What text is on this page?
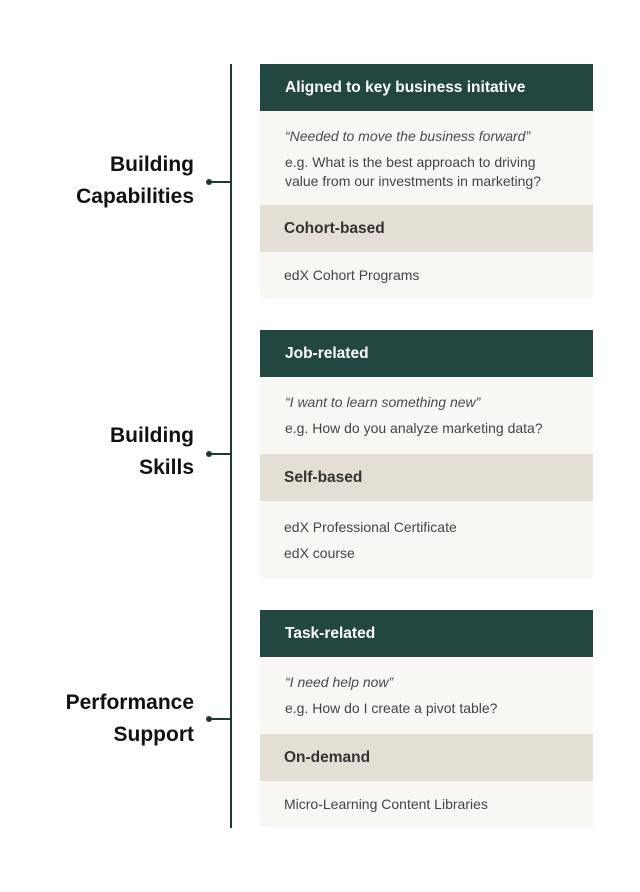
Building
Capabilities
Aligned to key business initative
“Needed to move the business forward”
e.g. What is the best approach to driving value from our investments in marketing?
Cohort-based
edX Cohort Programs
Building
Skills
Job-related
“I want to learn something new”
e.g. How do you analyze marketing data?
Self-based
edX Professional Certificate
edX course
Performance
Support
Task-related
“I need help now”
e.g. How do I create a pivot table?
On-demand
Micro-Learning Content Libraries
